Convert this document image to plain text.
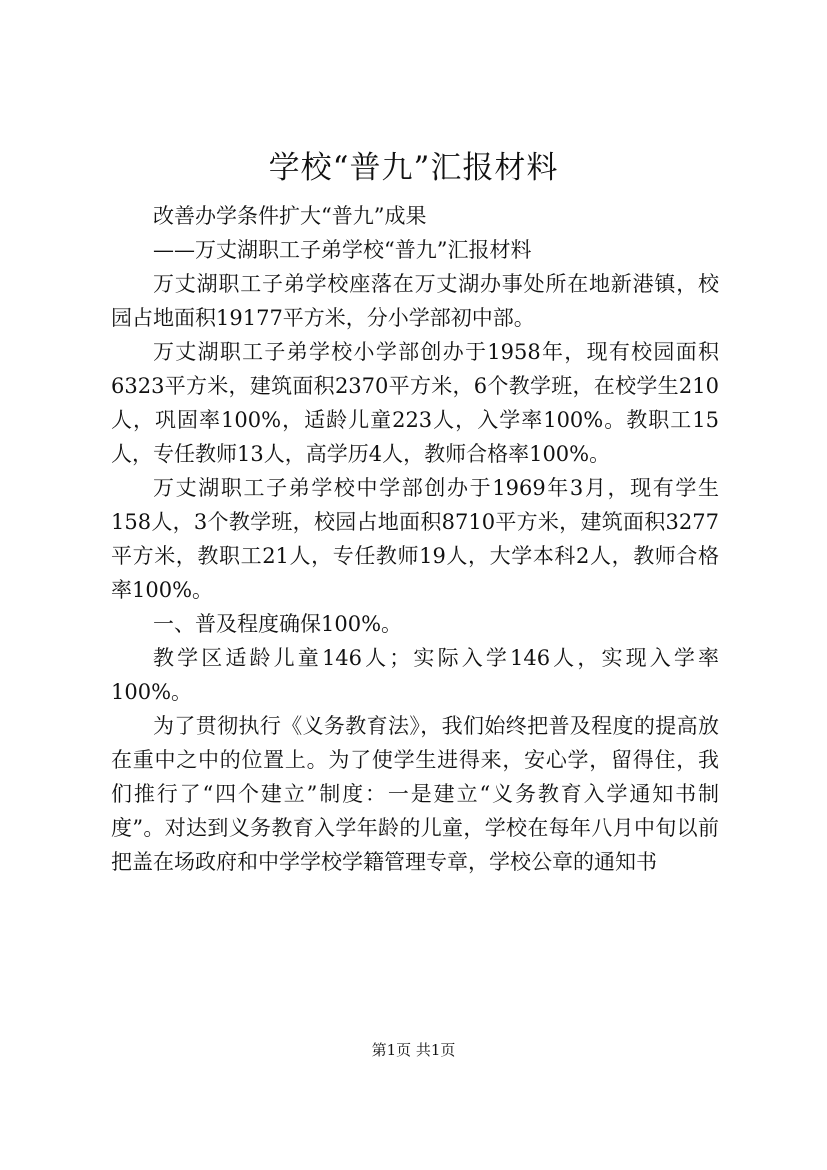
学校“普九”汇报材料

改善办学条件扩大“普九”成果

——万丈湖职工子弟学校“普九”汇报材料

万丈湖职工子弟学校座落在万丈湖办事处所在地新港镇，校园占地面积19177平方米，分小学部初中部。

万丈湖职工子弟学校小学部创办于1958年，现有校园面积6323平方米，建筑面积2370平方米，6个教学班，在校学生210人，巩固率100%，适龄儿童223人，入学率100%。教职工15人，专任教师13人，高学历4人，教师合格率100%。

万丈湖职工子弟学校中学部创办于1969年3月，现有学生158人，3个教学班，校园占地面积8710平方米，建筑面积3277平方米，教职工21人，专任教师19人，大学本科2人，教师合格率100%。

一、普及程度确保100%。

教学区适龄儿童146人；实际入学146人，实现入学率100%。

为了贯彻执行《义务教育法》，我们始终把普及程度的提高放在重中之中的位置上。为了使学生进得来，安心学，留得住，我们推行了“四个建立”制度：一是建立“义务教育入学通知书制度”。对达到义务教育入学年龄的儿童，学校在每年八月中旬以前把盖在场政府和中学学校学籍管理专章，学校公章的通知书

第1页 共1页
